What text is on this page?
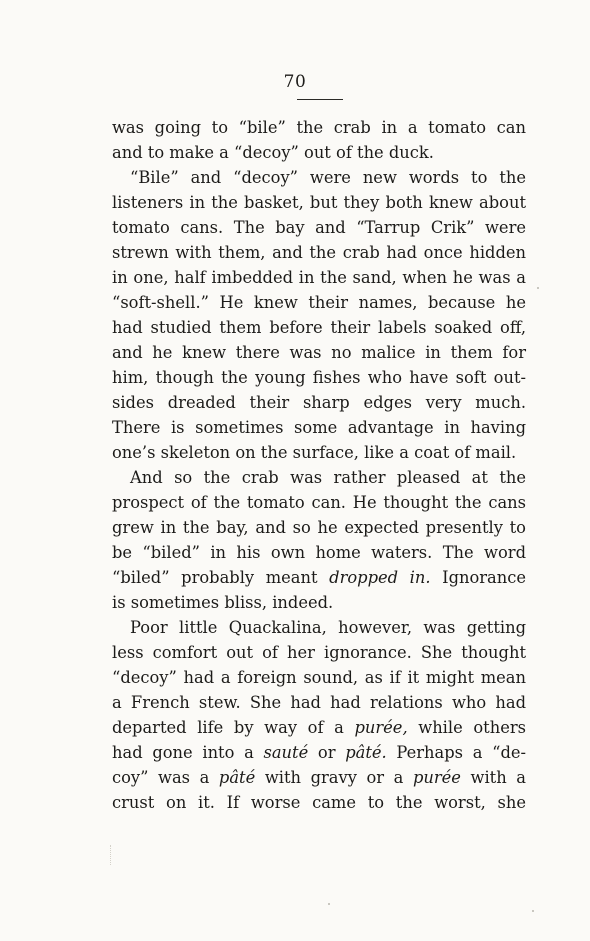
70
was going to “bile” the crab in a tomato can
and to make a “decoy” out of the duck.
“Bile” and “decoy” were new words to the
listeners in the basket, but they both knew about
tomato cans. The bay and “Tarrup Crik” were
strewn with them, and the crab had once hidden
in one, half imbedded in the sand, when he was a
“soft-shell.” He knew their names, because he
had studied them before their labels soaked off,
and he knew there was no malice in them for
him, though the young fishes who have soft out-
sides dreaded their sharp edges very much.
There is sometimes some advantage in having
one’s skeleton on the surface, like a coat of mail.
And so the crab was rather pleased at the
prospect of the tomato can. He thought the cans
grew in the bay, and so he expected presently to
be “biled” in his own home waters. The word
“biled” probably meant dropped in. Ignorance
is sometimes bliss, indeed.
Poor little Quackalina, however, was getting
less comfort out of her ignorance. She thought
“decoy” had a foreign sound, as if it might mean
a French stew. She had had relations who had
departed life by way of a purée, while others
had gone into a sauté or pâté. Perhaps a “de-
coy” was a pâté with gravy or a purée with a
crust on it. If worse came to the worst, she
